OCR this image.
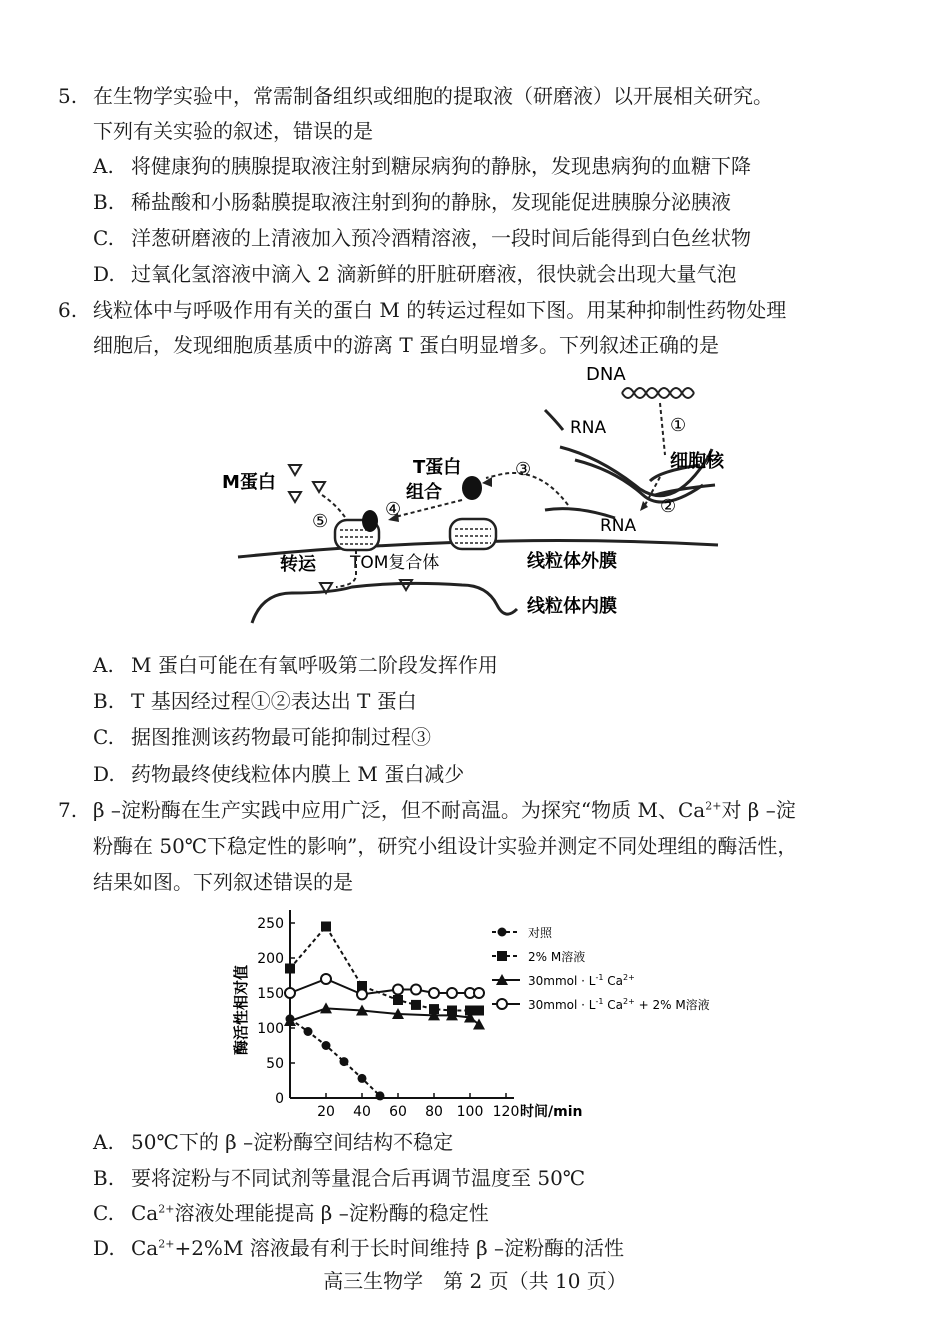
5. 在生物学实验中，常需制备组织或细胞的提取液（研磨液）以开展相关研究。
下列有关实验的叙述，错误的是
A. 将健康狗的胰腺提取液注射到糖尿病狗的静脉，发现患病狗的血糖下降
B. 稀盐酸和小肠黏膜提取液注射到狗的静脉，发现能促进胰腺分泌胰液
C. 洋葱研磨液的上清液加入预冷酒精溶液，一段时间后能得到白色丝状物
D. 过氧化氢溶液中滴入 2 滴新鲜的肝脏研磨液，很快就会出现大量气泡
6. 线粒体中与呼吸作用有关的蛋白 M 的转运过程如下图。用某种抑制性药物处理
细胞后，发现细胞质基质中的游离 T 蛋白明显增多。下列叙述正确的是
DNA
RNA	①
细胞核
②
RNA
③
T蛋白
组合
④
M蛋白
⑤
转运 TOM复合体	线粒体外膜
线粒体内膜
A. M 蛋白可能在有氧呼吸第二阶段发挥作用
B. T 基因经过程①②表达出 T 蛋白
C. 据图推测该药物最可能抑制过程③
D. 药物最终使线粒体内膜上 M 蛋白减少
7. β –淀粉酶在生产实践中应用广泛，但不耐高温。为探究“物质 M、$Ca^{2+}$对 β –淀
粉酶在 50℃下稳定性的影响”，研究小组设计实验并测定不同处理组的酶活性，
结果如图。下列叙述错误的是
酶活性相对值
0
50
100
150
200
250
20 40 60 80 100 120 时间/min
对照
2% M溶液
30mmol · $L^{-1}$ $Ca^{2+}$
30mmol · $L^{-1}$ $Ca^{2+} + 2\%$ M溶液
A. 50℃下的 β –淀粉酶空间结构不稳定
B. 要将淀粉与不同试剂等量混合后再调节温度至 50℃
C. $Ca^{2+}$溶液处理能提高 β –淀粉酶的稳定性
D. $Ca^{2+}+2\%M$ 溶液最有利于长时间维持 β –淀粉酶的活性
高三生物学　第 2 页（共 10 页）
